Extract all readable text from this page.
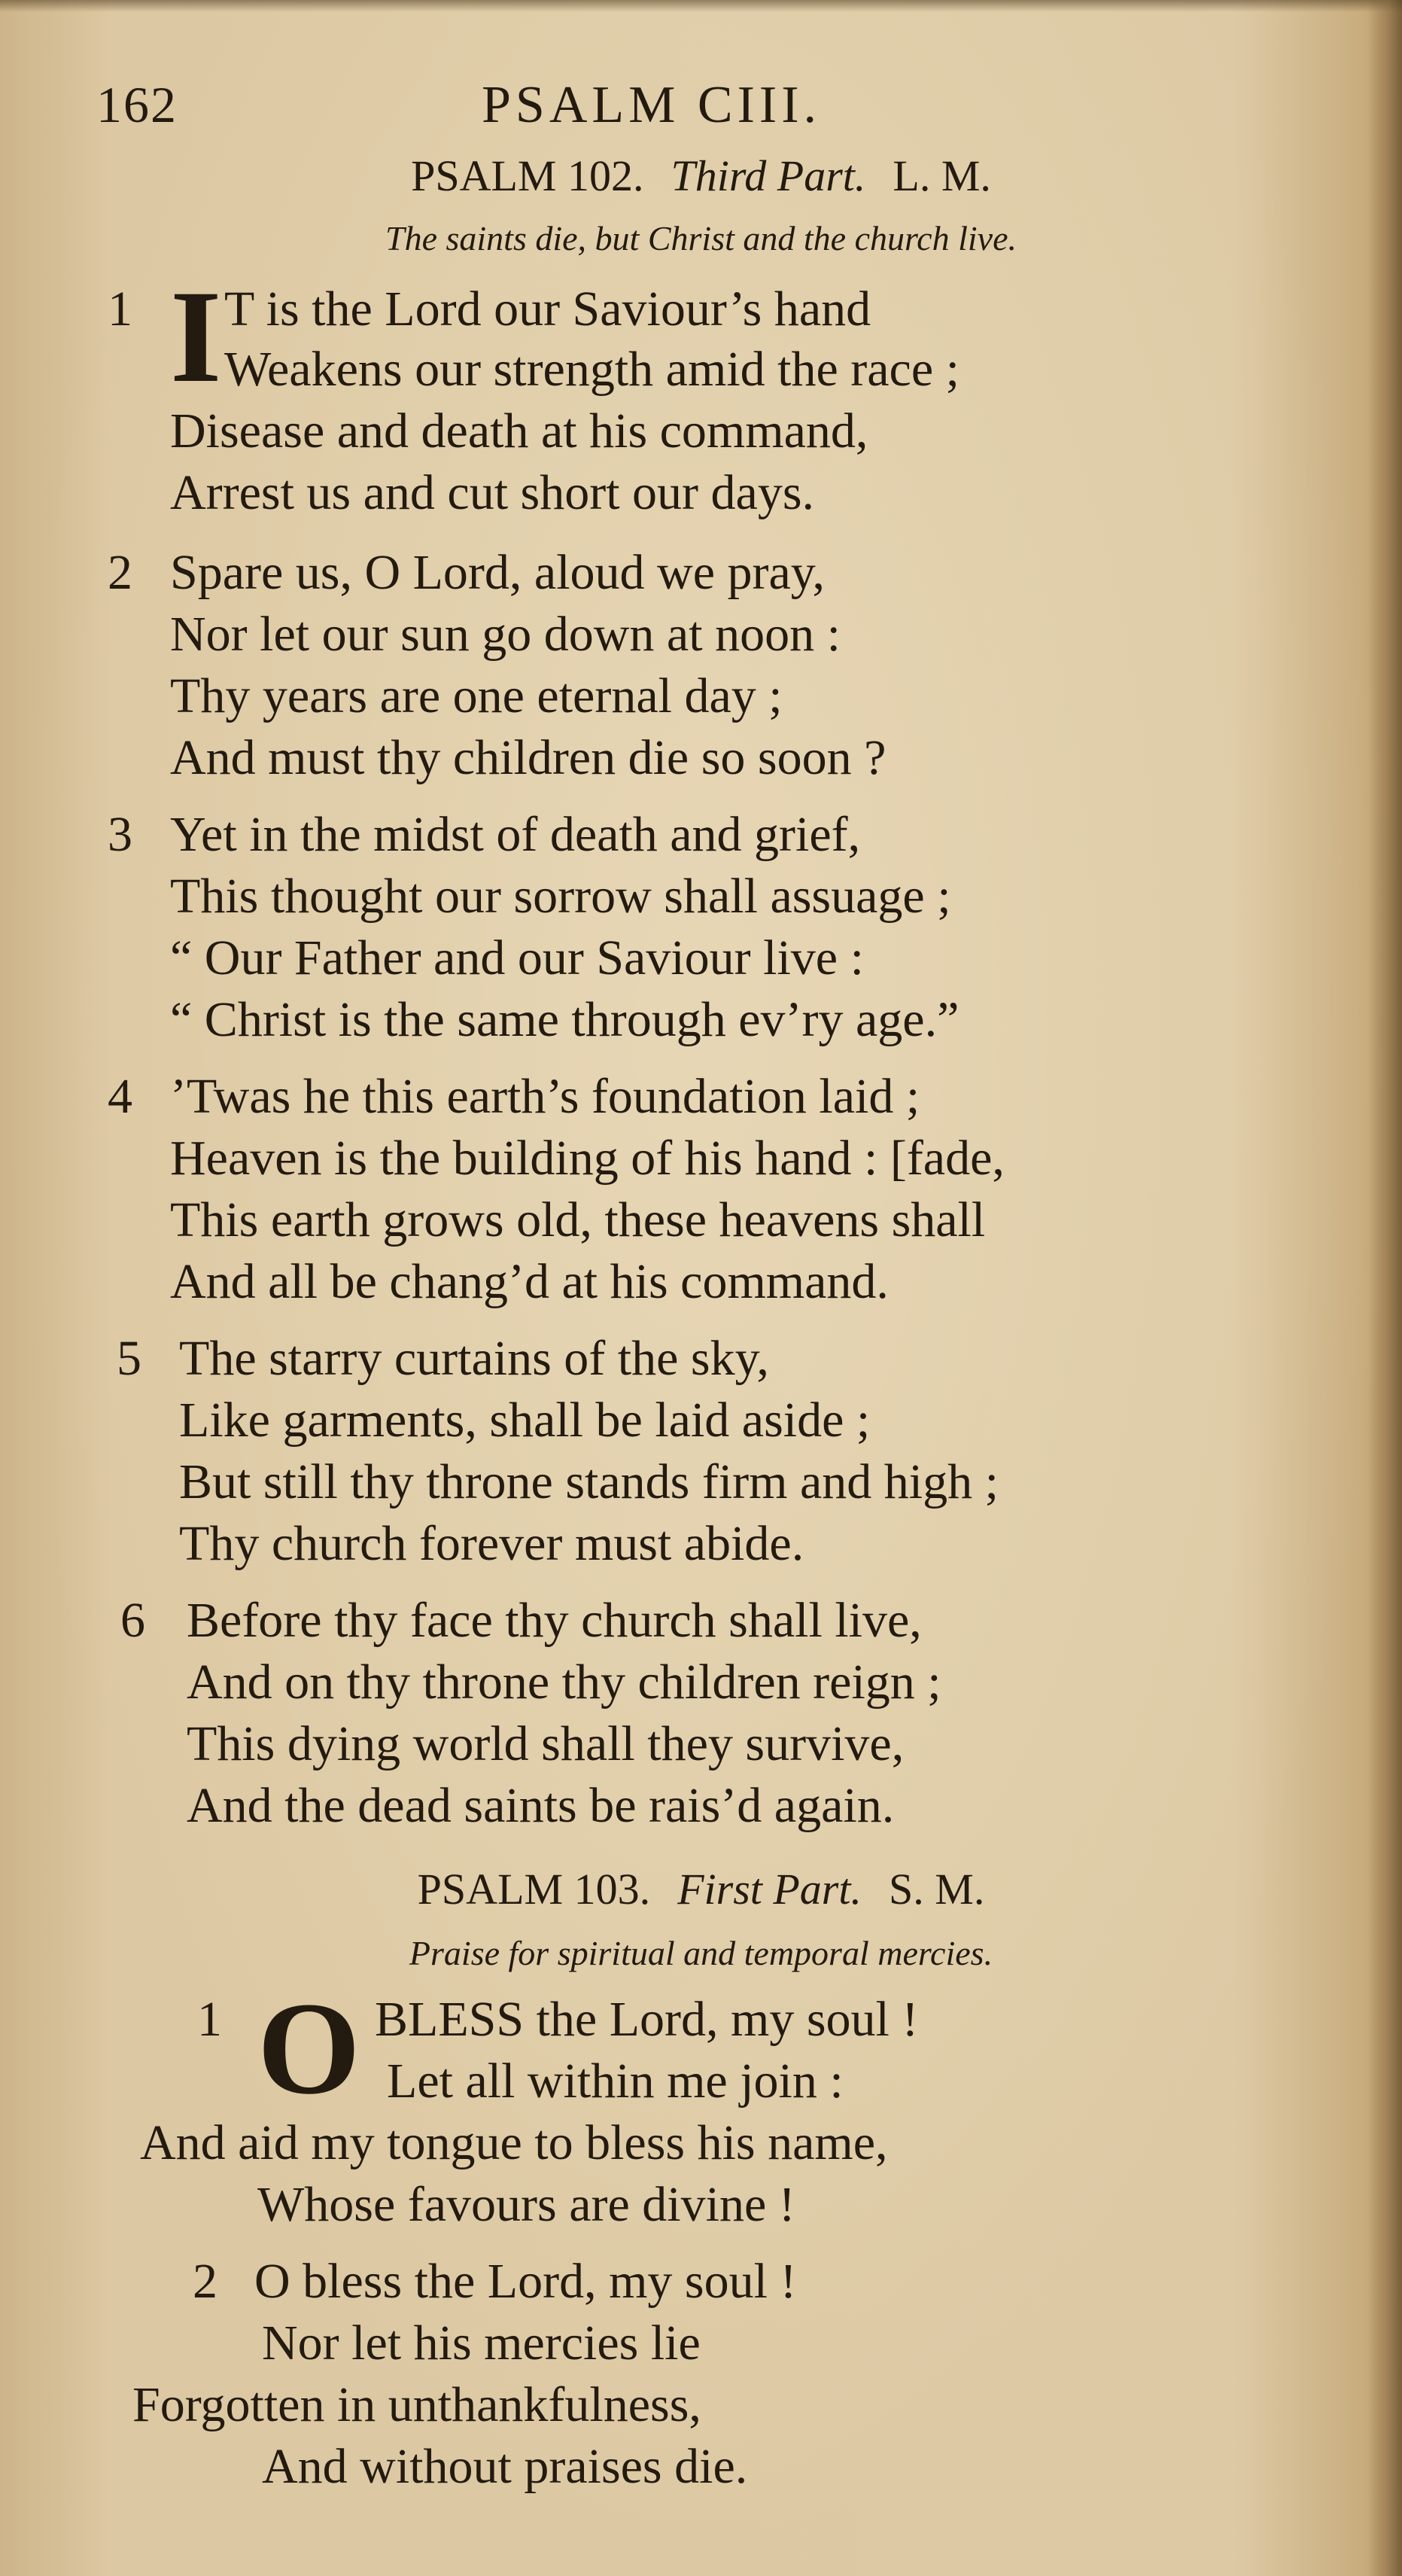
162	PSALM CIII.
PSALM 102. Third Part. L. M.
The saints die, but Christ and the church live.
1 I T is the Lord our Saviour’s hand
Weakens our strength amid the race ;
Disease and death at his command,
Arrest us and cut short our days.
2 Spare us, O Lord, aloud we pray,
Nor let our sun go down at noon :
Thy years are one eternal day ;
And must thy children die so soon ?
3 Yet in the midst of death and grief,
This thought our sorrow shall assuage ;
“ Our Father and our Saviour live :
“ Christ is the same through ev’ry age.”
4 ’Twas he this earth’s foundation laid ;
Heaven is the building of his hand : [fade,
This earth grows old, these heavens shall
And all be chang’d at his command.
5 The starry curtains of the sky,
Like garments, shall be laid aside ;
But still thy throne stands firm and high ;
Thy church forever must abide.
6 Before thy face thy church shall live,
And on thy throne thy children reign ;
This dying world shall they survive,
And the dead saints be rais’d again.
PSALM 103. First Part. S. M.
Praise for spiritual and temporal mercies.
1 O BLESS the Lord, my soul !
Let all within me join :
And aid my tongue to bless his name,
Whose favours are divine !
2 O bless the Lord, my soul !
Nor let his mercies lie
Forgotten in unthankfulness,
And without praises die.
